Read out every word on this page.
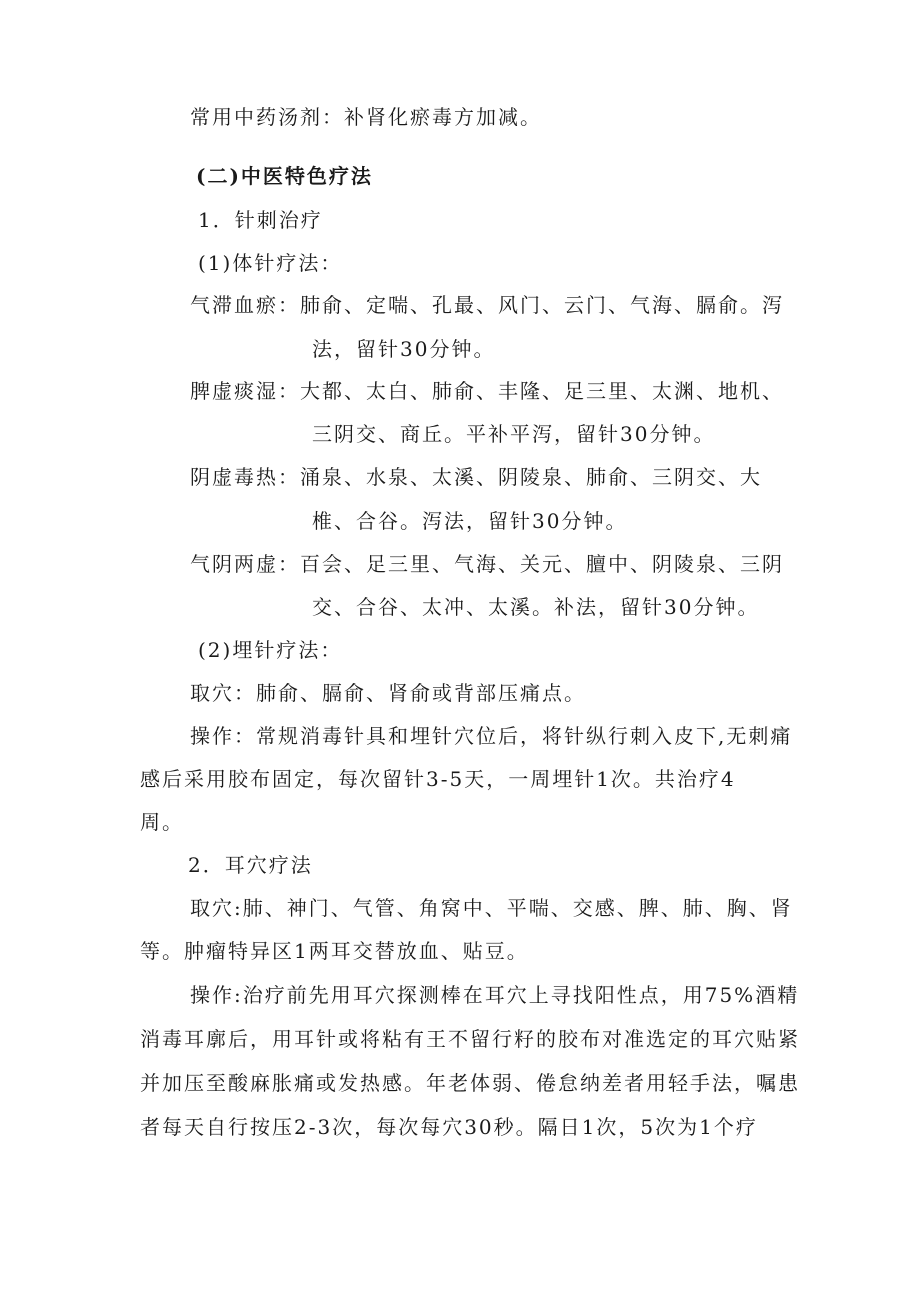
常用中药汤剂：补肾化瘀毒方加减。
(二)中医特色疗法
1．针刺治疗
(1)体针疗法：
气滞血瘀：肺俞、定喘、孔最、风门、云门、气海、膈俞。泻
法，留针30分钟。
脾虚痰湿：大都、太白、肺俞、丰隆、足三里、太渊、地机、
三阴交、商丘。平补平泻，留针30分钟。
阴虚毒热：涌泉、水泉、太溪、阴陵泉、肺俞、三阴交、大
椎、合谷。泻法，留针30分钟。
气阴两虚：百会、足三里、气海、关元、膻中、阴陵泉、三阴
交、合谷、太冲、太溪。补法，留针30分钟。
(2)埋针疗法：
取穴：肺俞、膈俞、肾俞或背部压痛点。
操作：常规消毒针具和埋针穴位后，将针纵行刺入皮下,无刺痛
感后采用胶布固定，每次留针3-5天，一周埋针1次。共治疗4
周。
2．耳穴疗法
取穴:肺、神门、气管、角窝中、平喘、交感、脾、肺、胸、肾
等。肿瘤特异区1两耳交替放血、贴豆。
操作:治疗前先用耳穴探测棒在耳穴上寻找阳性点，用75%酒精
消毒耳廓后，用耳针或将粘有王不留行籽的胶布对准选定的耳穴贴紧
并加压至酸麻胀痛或发热感。年老体弱、倦怠纳差者用轻手法，嘱患
者每天自行按压2-3次，每次每穴30秒。隔日1次，5次为1个疗
